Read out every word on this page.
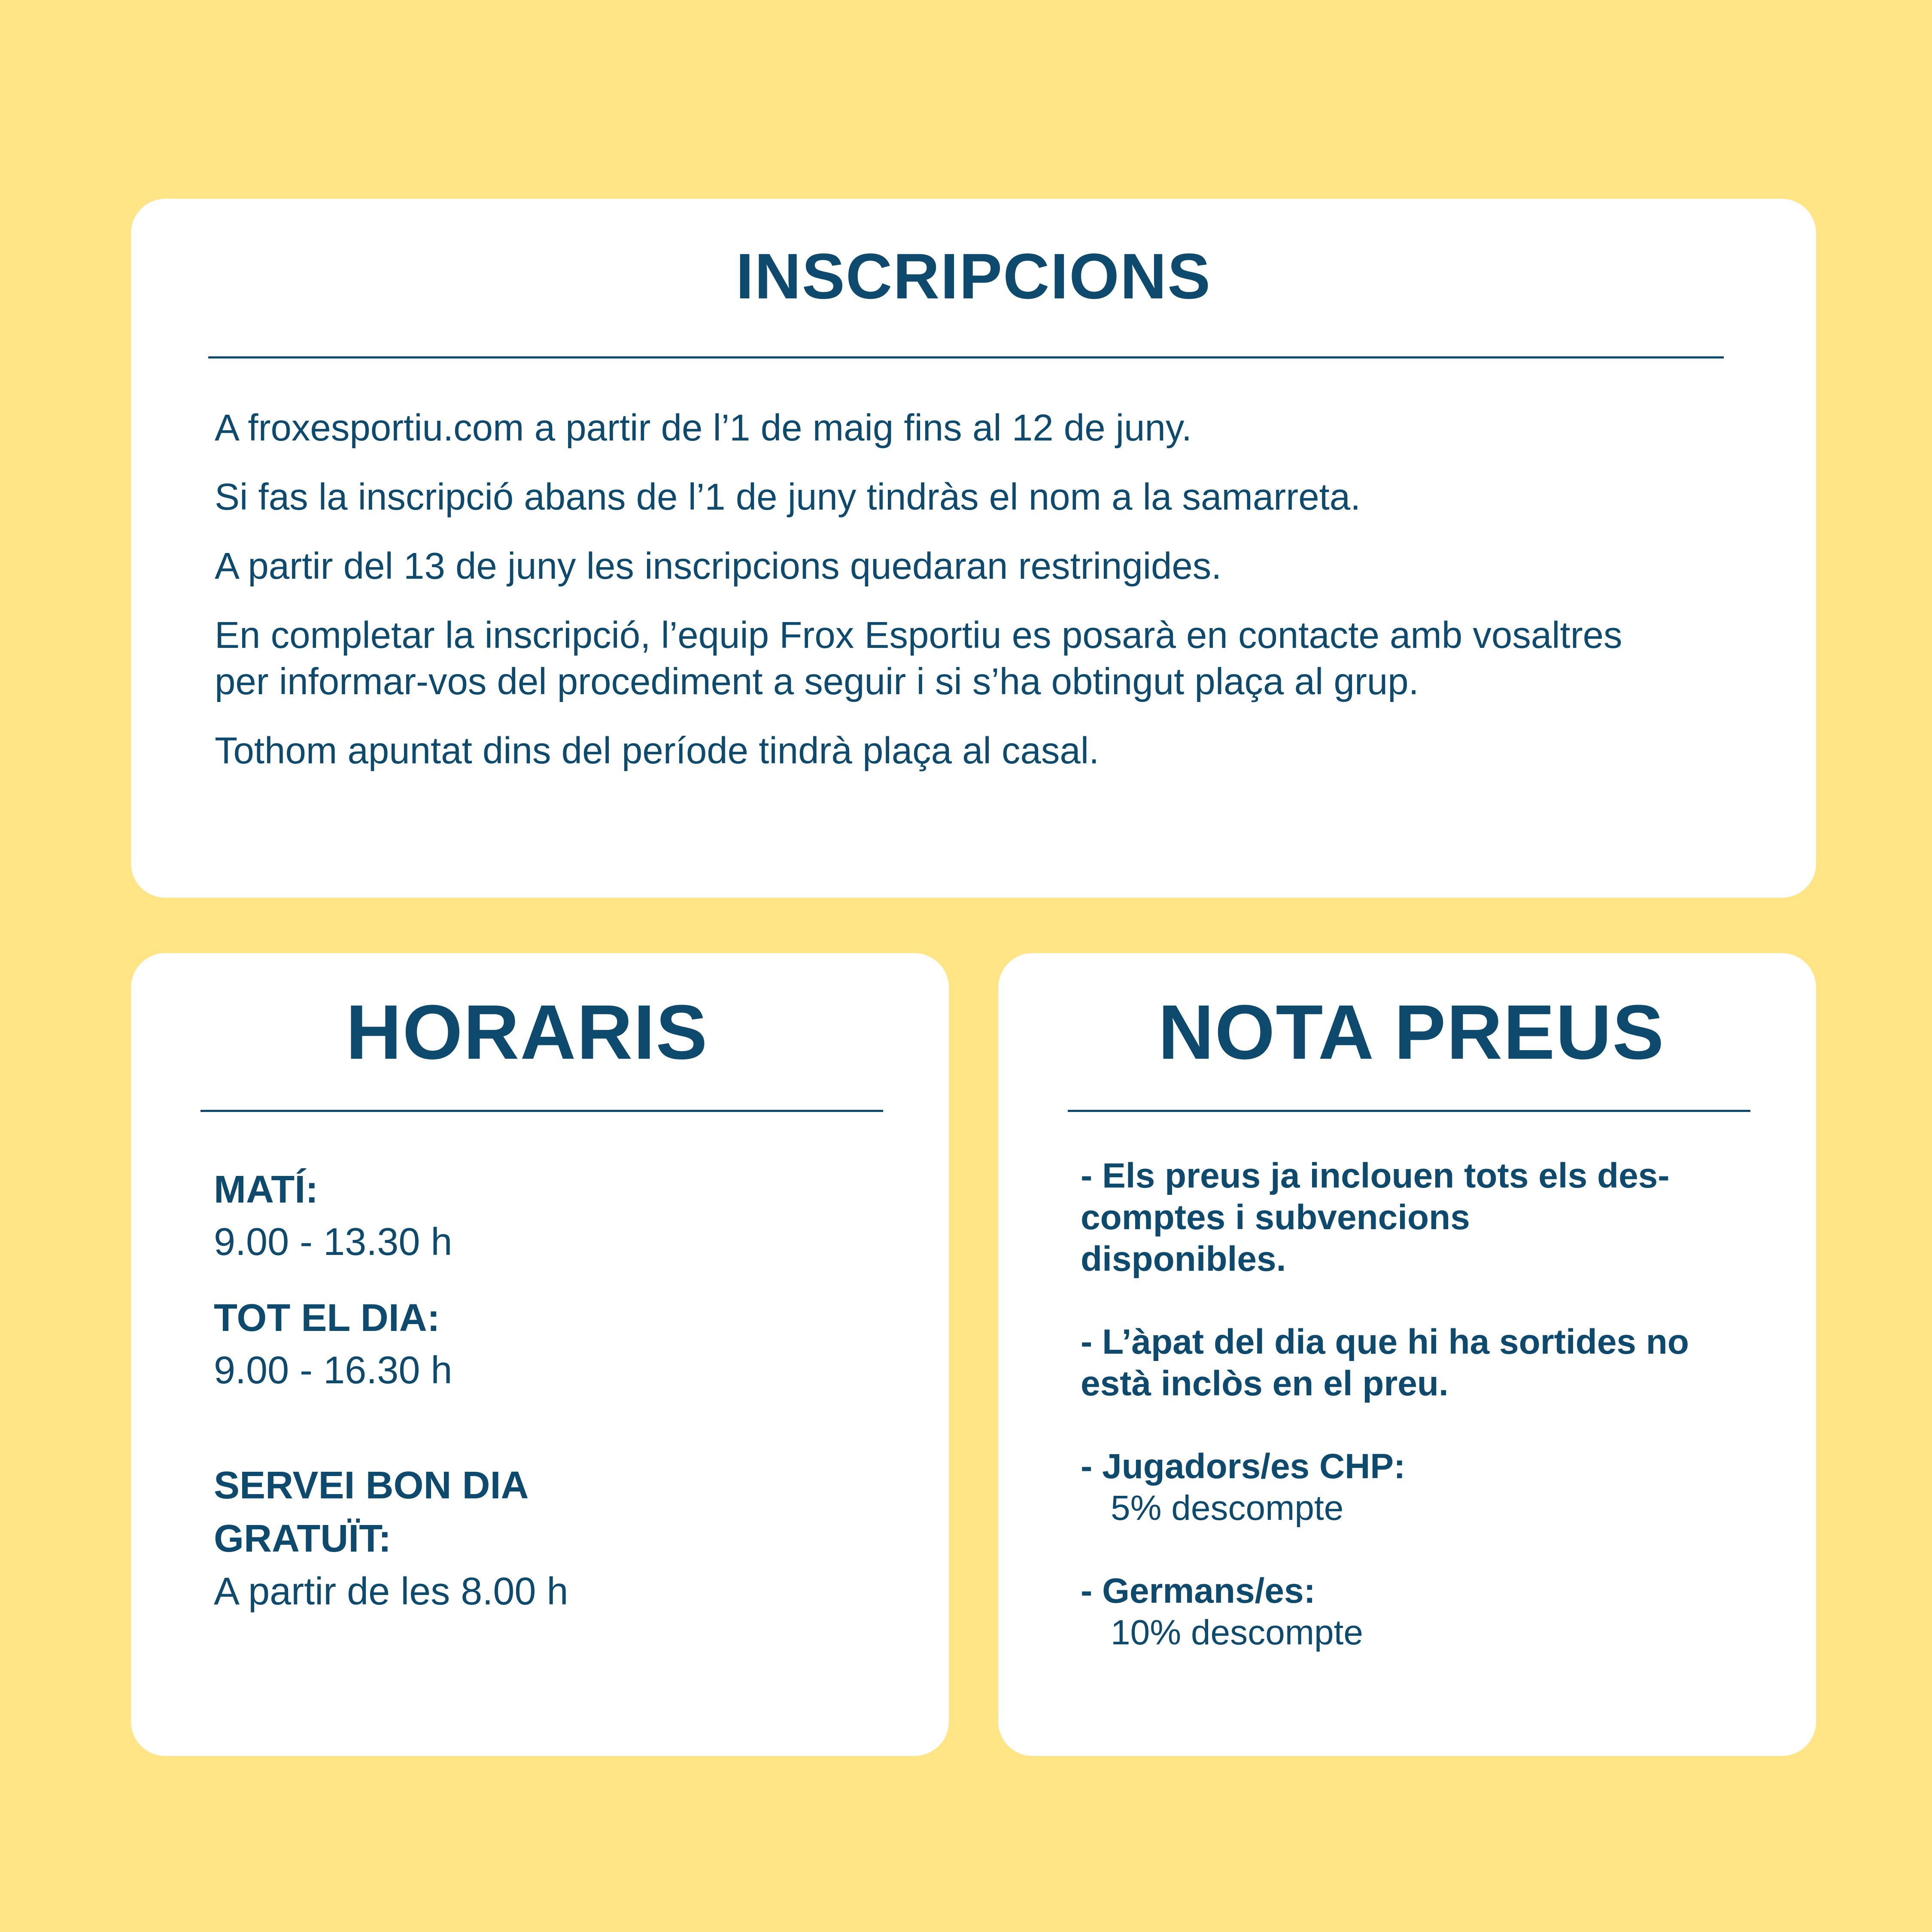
INSCRIPCIONS

A froxesportiu.com a partir de l’1 de maig fins al 12 de juny.

Si fas la inscripció abans de l’1 de juny tindràs el nom a la samarreta.

A partir del 13 de juny les inscripcions quedaran restringides.

En completar la inscripció, l’equip Frox Esportiu es posarà en contacte amb vosaltres
per informar-vos del procediment a seguir i si s’ha obtingut plaça al grup.

Tothom apuntat dins del període tindrà plaça al casal.

HORARIS
MATÍ:
9.00 - 13.30 h
TOT EL DIA:
9.00 - 16.30 h
SERVEI BON DIA
GRATUÏT:
A partir de les 8.00 h
NOTA PREUS
- Els preus ja inclouen tots els des-
comptes i subvencions
disponibles.
- L’àpat del dia que hi ha sortides no
està inclòs en el preu.
- Jugadors/es CHP:
5% descompte
- Germans/es:
10% descompte
